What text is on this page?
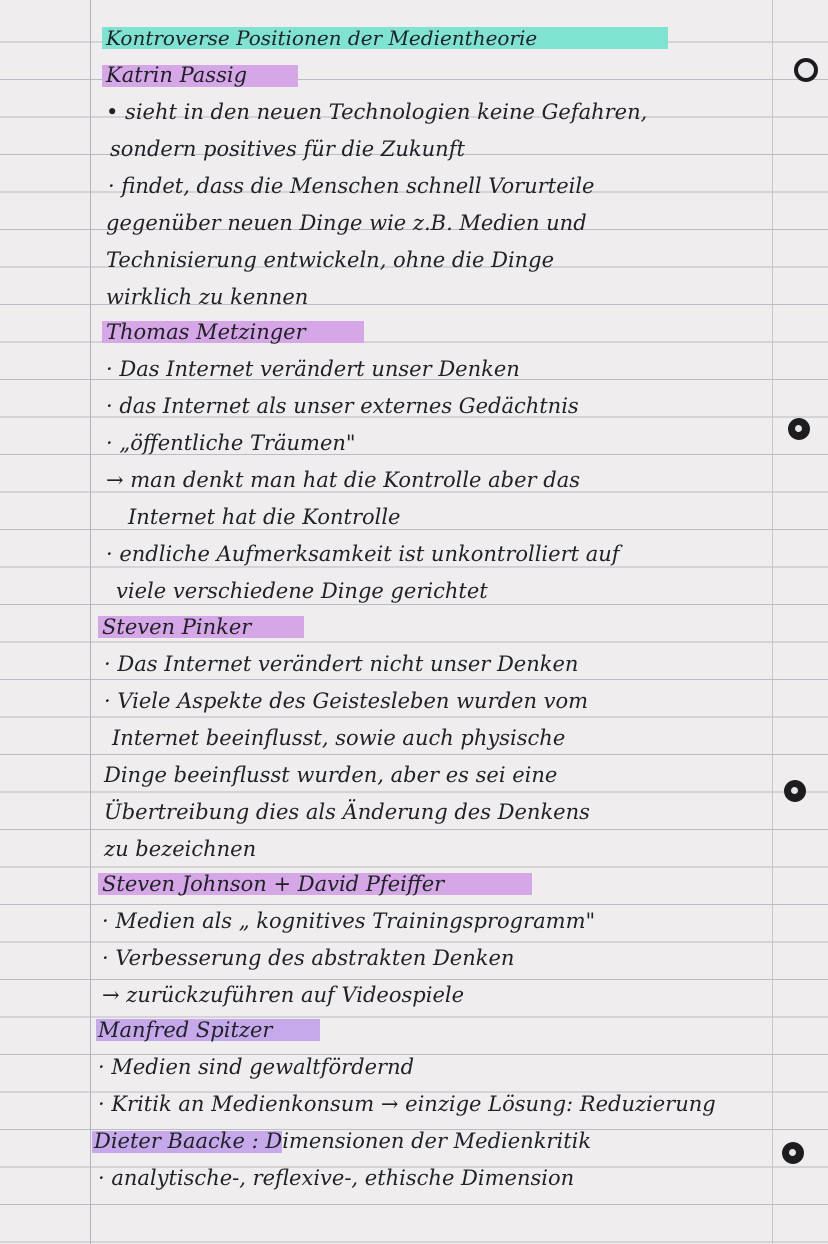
Kontroverse Positionen der Medientheorie
Katrin Passig
• sieht in den neuen Technologien keine Gefahren,
sondern positives für die Zukunft
· findet, dass die Menschen schnell Vorurteile
gegenüber neuen Dinge wie z.B. Medien und
Technisierung entwickeln, ohne die Dinge
wirklich zu kennen
Thomas Metzinger
· Das Internet verändert unser Denken
· das Internet als unser externes Gedächtnis
· „öffentliche Träumen"
→ man denkt man hat die Kontrolle aber das
Internet hat die Kontrolle
· endliche Aufmerksamkeit ist unkontrolliert auf
viele verschiedene Dinge gerichtet
Steven Pinker
· Das Internet verändert nicht unser Denken
· Viele Aspekte des Geistesleben wurden vom
Internet beeinflusst, sowie auch physische
Dinge beeinflusst wurden, aber es sei eine
Übertreibung dies als Änderung des Denkens
zu bezeichnen
Steven Johnson + David Pfeiffer
· Medien als „ kognitives Trainingsprogramm"
· Verbesserung des abstrakten Denken
→ zurückzuführen auf Videospiele
Manfred Spitzer
· Medien sind gewaltfördernd
· Kritik an Medienkonsum → einzige Lösung: Reduzierung
Dieter Baacke : Dimensionen der Medienkritik
· analytische-, reflexive-, ethische Dimension
